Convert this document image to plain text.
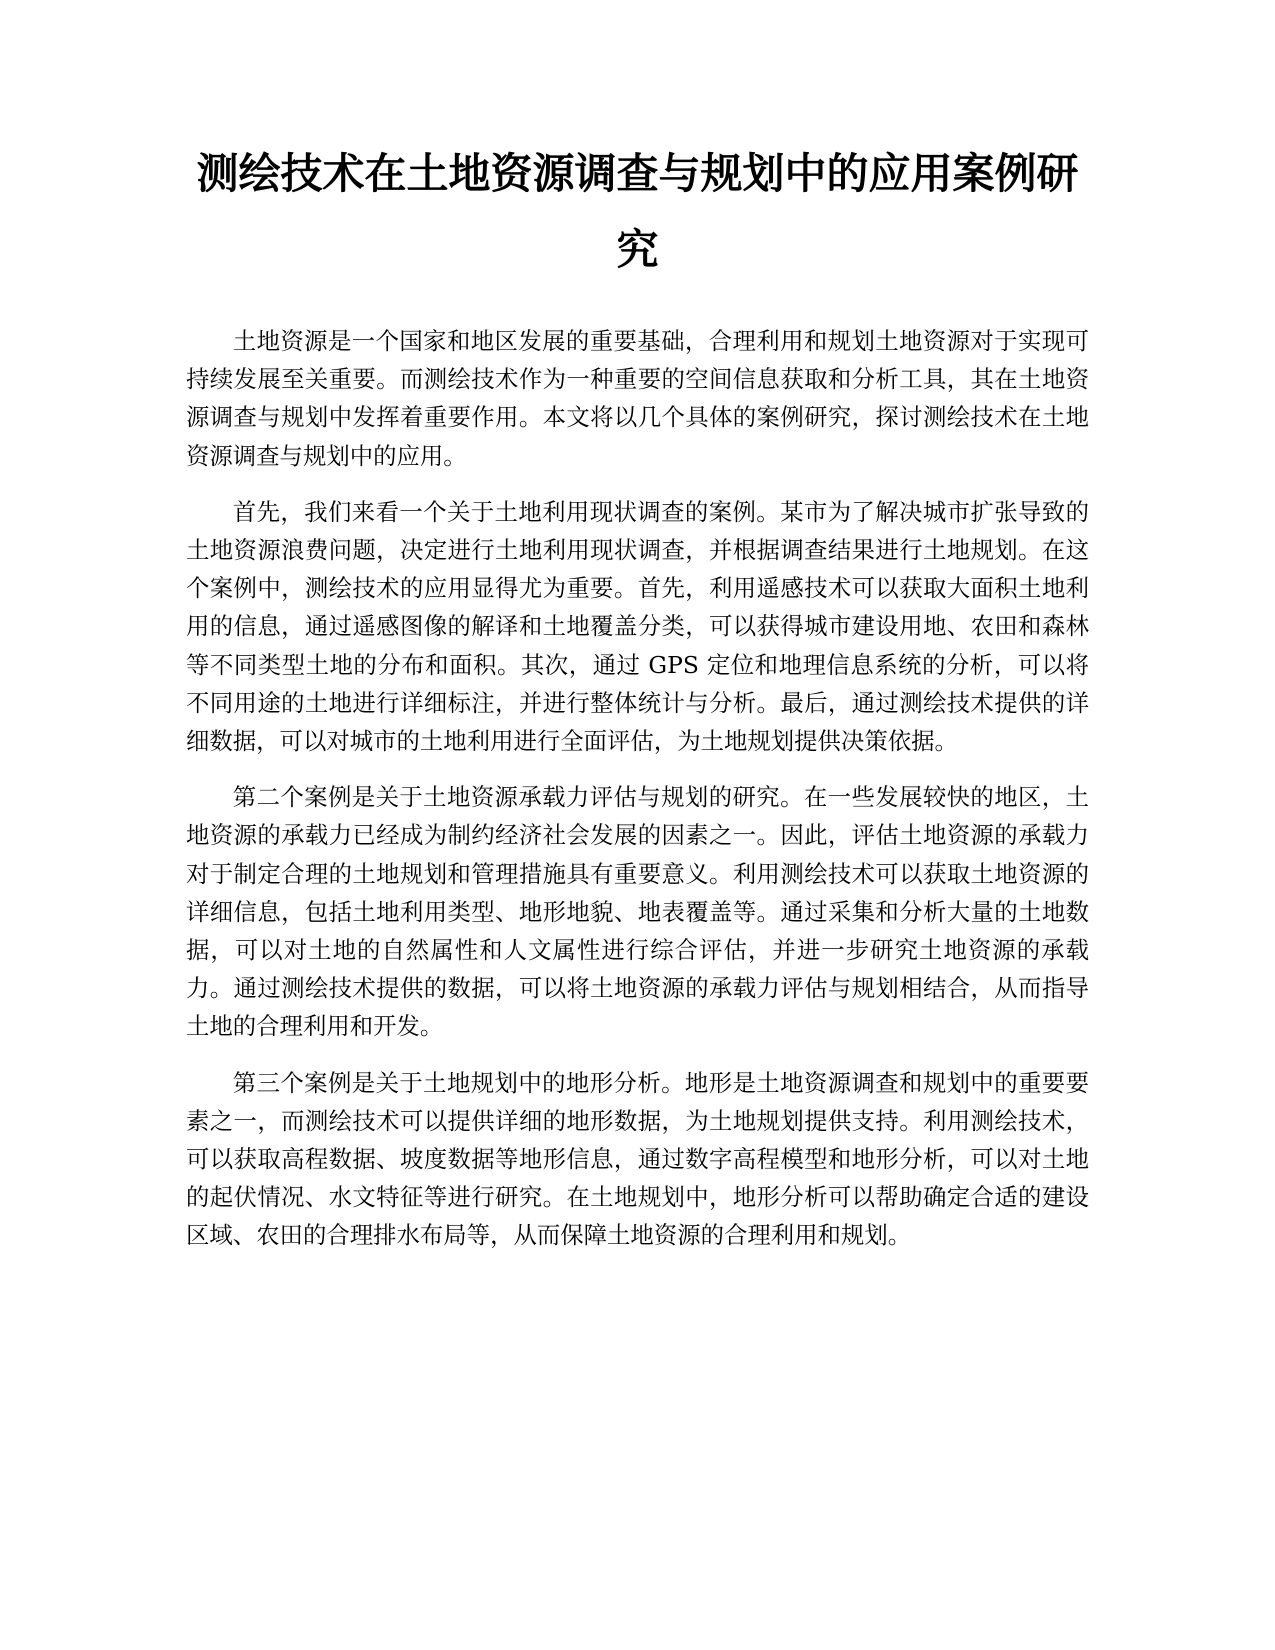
测绘技术在土地资源调查与规划中的应用案例研究

土地资源是一个国家和地区发展的重要基础，合理利用和规划土地资源对于实现可持续发展至关重要。而测绘技术作为一种重要的空间信息获取和分析工具，其在土地资源调查与规划中发挥着重要作用。本文将以几个具体的案例研究，探讨测绘技术在土地资源调查与规划中的应用。

首先，我们来看一个关于土地利用现状调查的案例。某市为了解决城市扩张导致的土地资源浪费问题，决定进行土地利用现状调查，并根据调查结果进行土地规划。在这个案例中，测绘技术的应用显得尤为重要。首先，利用遥感技术可以获取大面积土地利用的信息，通过遥感图像的解译和土地覆盖分类，可以获得城市建设用地、农田和森林等不同类型土地的分布和面积。其次，通过 GPS 定位和地理信息系统的分析，可以将不同用途的土地进行详细标注，并进行整体统计与分析。最后，通过测绘技术提供的详细数据，可以对城市的土地利用进行全面评估，为土地规划提供决策依据。

第二个案例是关于土地资源承载力评估与规划的研究。在一些发展较快的地区，土地资源的承载力已经成为制约经济社会发展的因素之一。因此，评估土地资源的承载力对于制定合理的土地规划和管理措施具有重要意义。利用测绘技术可以获取土地资源的详细信息，包括土地利用类型、地形地貌、地表覆盖等。通过采集和分析大量的土地数据，可以对土地的自然属性和人文属性进行综合评估，并进一步研究土地资源的承载力。通过测绘技术提供的数据，可以将土地资源的承载力评估与规划相结合，从而指导土地的合理利用和开发。

第三个案例是关于土地规划中的地形分析。地形是土地资源调查和规划中的重要要素之一，而测绘技术可以提供详细的地形数据，为土地规划提供支持。利用测绘技术，可以获取高程数据、坡度数据等地形信息，通过数字高程模型和地形分析，可以对土地的起伏情况、水文特征等进行研究。在土地规划中，地形分析可以帮助确定合适的建设区域、农田的合理排水布局等，从而保障土地资源的合理利用和规划。
